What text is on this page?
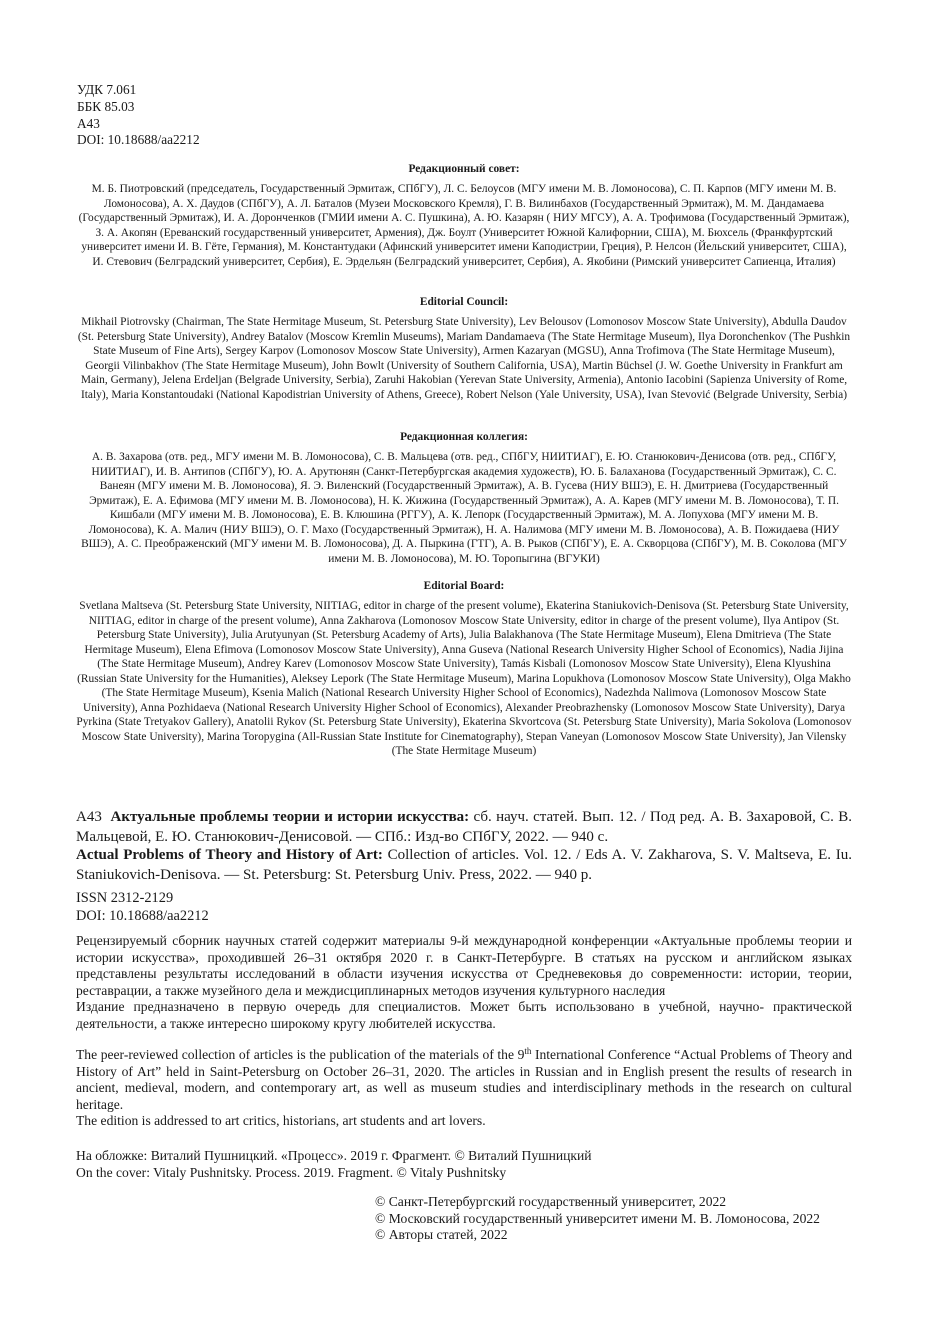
УДК 7.061
ББК 85.03
А43
DOI: 10.18688/aa2212
Редакционный совет:

М. Б. Пиотровский (председатель, Государственный Эрмитаж, СПбГУ), Л. С. Белоусов (МГУ имени М. В. Ломоносова), С. П. Карпов (МГУ имени М. В. Ломоносова), А. Х. Даудов (СПбГУ), А. Л. Баталов (Музеи Московского Кремля), Г. В. Вилинбахов (Государственный Эрмитаж), М. М. Дандамаева (Государственный Эрмитаж), И. А. Доронченков (ГМИИ имени А. С. Пушкина), А. Ю. Казарян ( НИУ МГСУ), А. А. Трофимова (Государственный Эрмитаж), З. А. Акопян (Ереванский государственный университет, Армения), Дж. Боулт (Университет Южной Калифорнии, США), М. Бюхсель (Франкфуртский университет имени И. В. Гёте, Германия), М. Константудаки (Афинский университет имени Каподистрии, Греция), Р. Нелсон (Йельский университет, США), И. Стевович (Белградский университет, Сербия), Е. Эрдельян (Белградский университет, Сербия), А. Якобини (Римский университет Сапиенца, Италия)

Editorial Council:

Mikhail Piotrovsky (Chairman, The State Hermitage Museum, St. Petersburg State University), Lev Belousov (Lomonosov Moscow State University), Abdulla Daudov (St. Petersburg State University), Andrey Batalov (Moscow Kremlin Museums), Mariam Dandamaeva (The State Hermitage Museum), Ilya Doronchenkov (The Pushkin State Museum of Fine Arts), Sergey Karpov (Lomonosov Moscow State University), Armen Kazaryan (MGSU), Anna Trofimova (The State Hermitage Museum), Georgii Vilinbakhov (The State Hermitage Museum), John Bowlt (University of Southern California, USA), Martin Büchsel (J. W. Goethe University in Frankfurt am Main, Germany), Jelena Erdeljan (Belgrade University, Serbia), Zaruhi Hakobian (Yerevan State University, Armenia), Antonio Iacobini (Sapienza University of Rome, Italy), Maria Konstantoudaki (National Kapodistrian University of Athens, Greece), Robert Nelson (Yale University, USA), Ivan Stevović (Belgrade University, Serbia)

Редакционная коллегия:

А. В. Захарова (отв. ред., МГУ имени М. В. Ломоносова), С. В. Мальцева (отв. ред., СПбГУ, НИИТИАГ), Е. Ю. Станюкович-Денисова (отв. ред., СПбГУ, НИИТИАГ), И. В. Антипов (СПбГУ), Ю. А. Арутюнян (Санкт-Петербургская академия художеств), Ю. Б. Балаханова (Государственный Эрмитаж), С. С. Ванеян (МГУ имени М. В. Ломоносова), Я. Э. Виленский (Государственный Эрмитаж), А. В. Гусева (НИУ ВШЭ), Е. Н. Дмитриева (Государственный Эрмитаж), Е. А. Ефимова (МГУ имени М. В. Ломоносова), Н. К. Жижина (Государственный Эрмитаж), А. А. Карев (МГУ имени М. В. Ломоносова), Т. П. Кишбали (МГУ имени М. В. Ломоносова), Е. В. Клюшина (РГГУ), А. К. Лепорк (Государственный Эрмитаж), М. А. Лопухова (МГУ имени М. В. Ломоносова), К. А. Малич (НИУ ВШЭ), О. Г. Махо (Государственный Эрмитаж), Н. А. Налимова (МГУ имени М. В. Ломоносова), А. В. Пожидаева (НИУ ВШЭ), А. С. Преображенский (МГУ имени М. В. Ломоносова), Д. А. Пыркина (ГТГ), А. В. Рыков (СПбГУ), Е. А. Скворцова (СПбГУ), М. В. Соколова (МГУ имени М. В. Ломоносова), М. Ю. Торопыгина (ВГУКИ)

Editorial Board:

Svetlana Maltseva (St. Petersburg State University, NIITIAG, editor in charge of the present volume), Ekaterina Staniukovich-Denisova (St. Petersburg State University, NIITIAG, editor in charge of the present volume), Anna Zakharova (Lomonosov Moscow State University, editor in charge of the present volume), Ilya Antipov (St. Petersburg State University), Julia Arutyunyan (St. Petersburg Academy of Arts), Julia Balakhanova (The State Hermitage Museum), Elena Dmitrieva (The State Hermitage Museum), Elena Efimova (Lomonosov Moscow State University), Anna Guseva (National Research University Higher School of Economics), Nadia Jijina (The State Hermitage Museum), Andrey Karev (Lomonosov Moscow State University), Tamás Kisbali (Lomonosov Moscow State University), Elena Klyushina (Russian State University for the Humanities), Aleksey Lepork (The State Hermitage Museum), Marina Lopukhova (Lomonosov Moscow State University), Olga Makho (The State Hermitage Museum), Ksenia Malich (National Research University Higher School of Economics), Nadezhda Nalimova (Lomonosov Moscow State University), Anna Pozhidaeva (National Research University Higher School of Economics), Alexander Preobrazhensky (Lomonosov Moscow State University), Darya Pyrkina (State Tretyakov Gallery), Anatolii Rykov (St. Petersburg State University), Ekaterina Skvortcova (St. Petersburg State University), Maria Sokolova (Lomonosov Moscow State University), Marina Toropygina (All-Russian State Institute for Cinematography), Stepan Vaneyan (Lomonosov Moscow State University), Jan Vilensky (The State Hermitage Museum)

А43 Актуальные проблемы теории и истории искусства: сб. науч. статей. Вып. 12. / Под ред. А. В. Захаровой, С. В. Мальцевой, Е. Ю. Станюкович-Денисовой. — СПб.: Изд-во СПбГУ, 2022. — 940 с.
Actual Problems of Theory and History of Art: Collection of articles. Vol. 12. / Eds A. V. Zakharova, S. V. Maltseva, E. Iu. Staniukovich-Denisova. — St. Petersburg: St. Petersburg Univ. Press, 2022. — 940 p.
ISSN 2312-2129
DOI: 10.18688/aa2212

Рецензируемый сборник научных статей содержит материалы 9-й международной конференции «Актуальные проблемы теории и истории искусства», проходившей 26–31 октября 2020 г. в Санкт-Петербурге. В статьях на русском и английском языках представлены результаты исследований в области изучения искусства от Средневековья до современности: истории, теории, реставрации, а также музейного дела и междисциплинарных методов изучения культурного наследия

Издание предназначено в первую очередь для специалистов. Может быть использовано в учебной, научно- практической деятельности, а также интересно широкому кругу любителей искусства.

The peer-reviewed collection of articles is the publication of the materials of the 9th International Conference “Actual Problems of Theory and History of Art” held in Saint-Petersburg on October 26–31, 2020. The articles in Russian and in English present the results of research in ancient, medieval, modern, and contemporary art, as well as museum studies and interdisciplinary methods in the research on cultural heritage.

The edition is addressed to art critics, historians, art students and art lovers.

На обложке: Виталий Пушницкий. «Процесс». 2019 г. Фрагмент. © Виталий Пушницкий
On the cover: Vitaly Pushnitsky. Process. 2019. Fragment. © Vitaly Pushnitsky
© Санкт-Петербургский государственный университет, 2022
© Московский государственный университет имени М. В. Ломоносова, 2022
© Авторы статей, 2022
